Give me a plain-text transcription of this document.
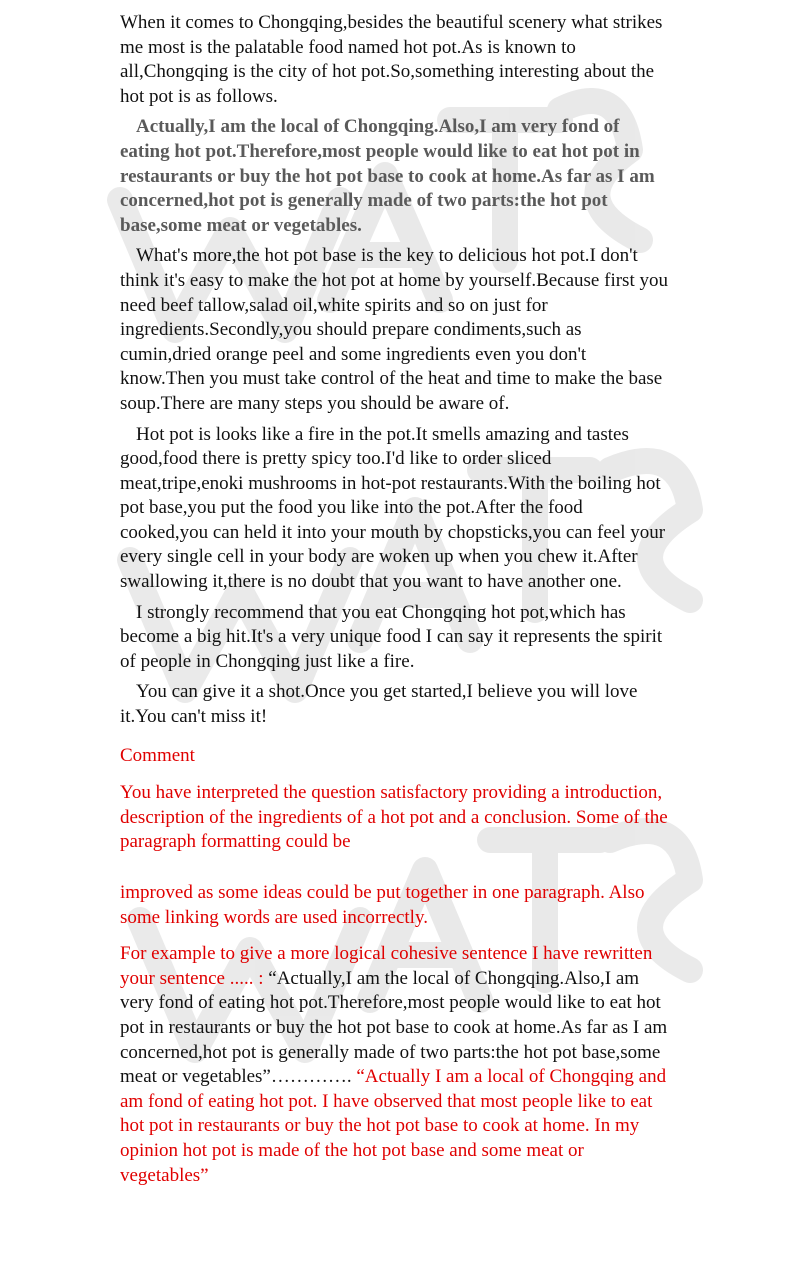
When it comes to Chongqing,besides the beautiful scenery what strikes me most is the palatable food named hot pot.As is known to all,Chongqing is the city of hot pot.So,something interesting about the hot pot is as follows.

Actually,I am the local of Chongqing.Also,I am very fond of eating hot pot.Therefore,most people would like to eat hot pot in restaurants or buy the hot pot base to cook at home.As far as I am concerned,hot pot is generally made of two parts:the hot pot base,some meat or vegetables.

What's more,the hot pot base is the key to delicious hot pot.I don't think it's easy to make the hot pot at home by yourself.Because first you need beef tallow,salad oil,white spirits and so on just for ingredients.Secondly,you should prepare condiments,such as cumin,dried orange peel and some ingredients even you don't know.Then you must take control of the heat and time to make the base soup.There are many steps you should be aware of.

Hot pot is looks like a fire in the pot.It smells amazing and tastes good,food there is pretty spicy too.I'd like to order sliced meat,tripe,enoki mushrooms in hot-pot restaurants.With the boiling hot pot base,you put the food you like into the pot.After the food cooked,you can held it into your mouth by chopsticks,you can feel your every single cell in your body are woken up when you chew it.After swallowing it,there is no doubt that you want to have another one.

I strongly recommend that you eat Chongqing hot pot,which has become a big hit.It's a very unique food I can say it represents the spirit of people in Chongqing just like a fire.

You can give it a shot.Once you get started,I believe you will love it.You can't miss it!

Comment

You have interpreted the question satisfactory providing a introduction, description of the ingredients of a hot pot and a conclusion. Some of the paragraph formatting could be

improved as some ideas could be put together in one paragraph. Also some linking words are used incorrectly.

For example to give a more logical cohesive sentence I have rewritten your sentence ..... : “Actually,I am the local of Chongqing.Also,I am very fond of eating hot pot.Therefore,most people would like to eat hot pot in restaurants or buy the hot pot base to cook at home.As far as I am concerned,hot pot is generally made of two parts:the hot pot base,some meat or vegetables”…………. “Actually I am a local of Chongqing and am fond of eating hot pot. I have observed that most people like to eat hot pot in restaurants or buy the hot pot base to cook at home. In my opinion hot pot is made of the hot pot base and some meat or vegetables”
